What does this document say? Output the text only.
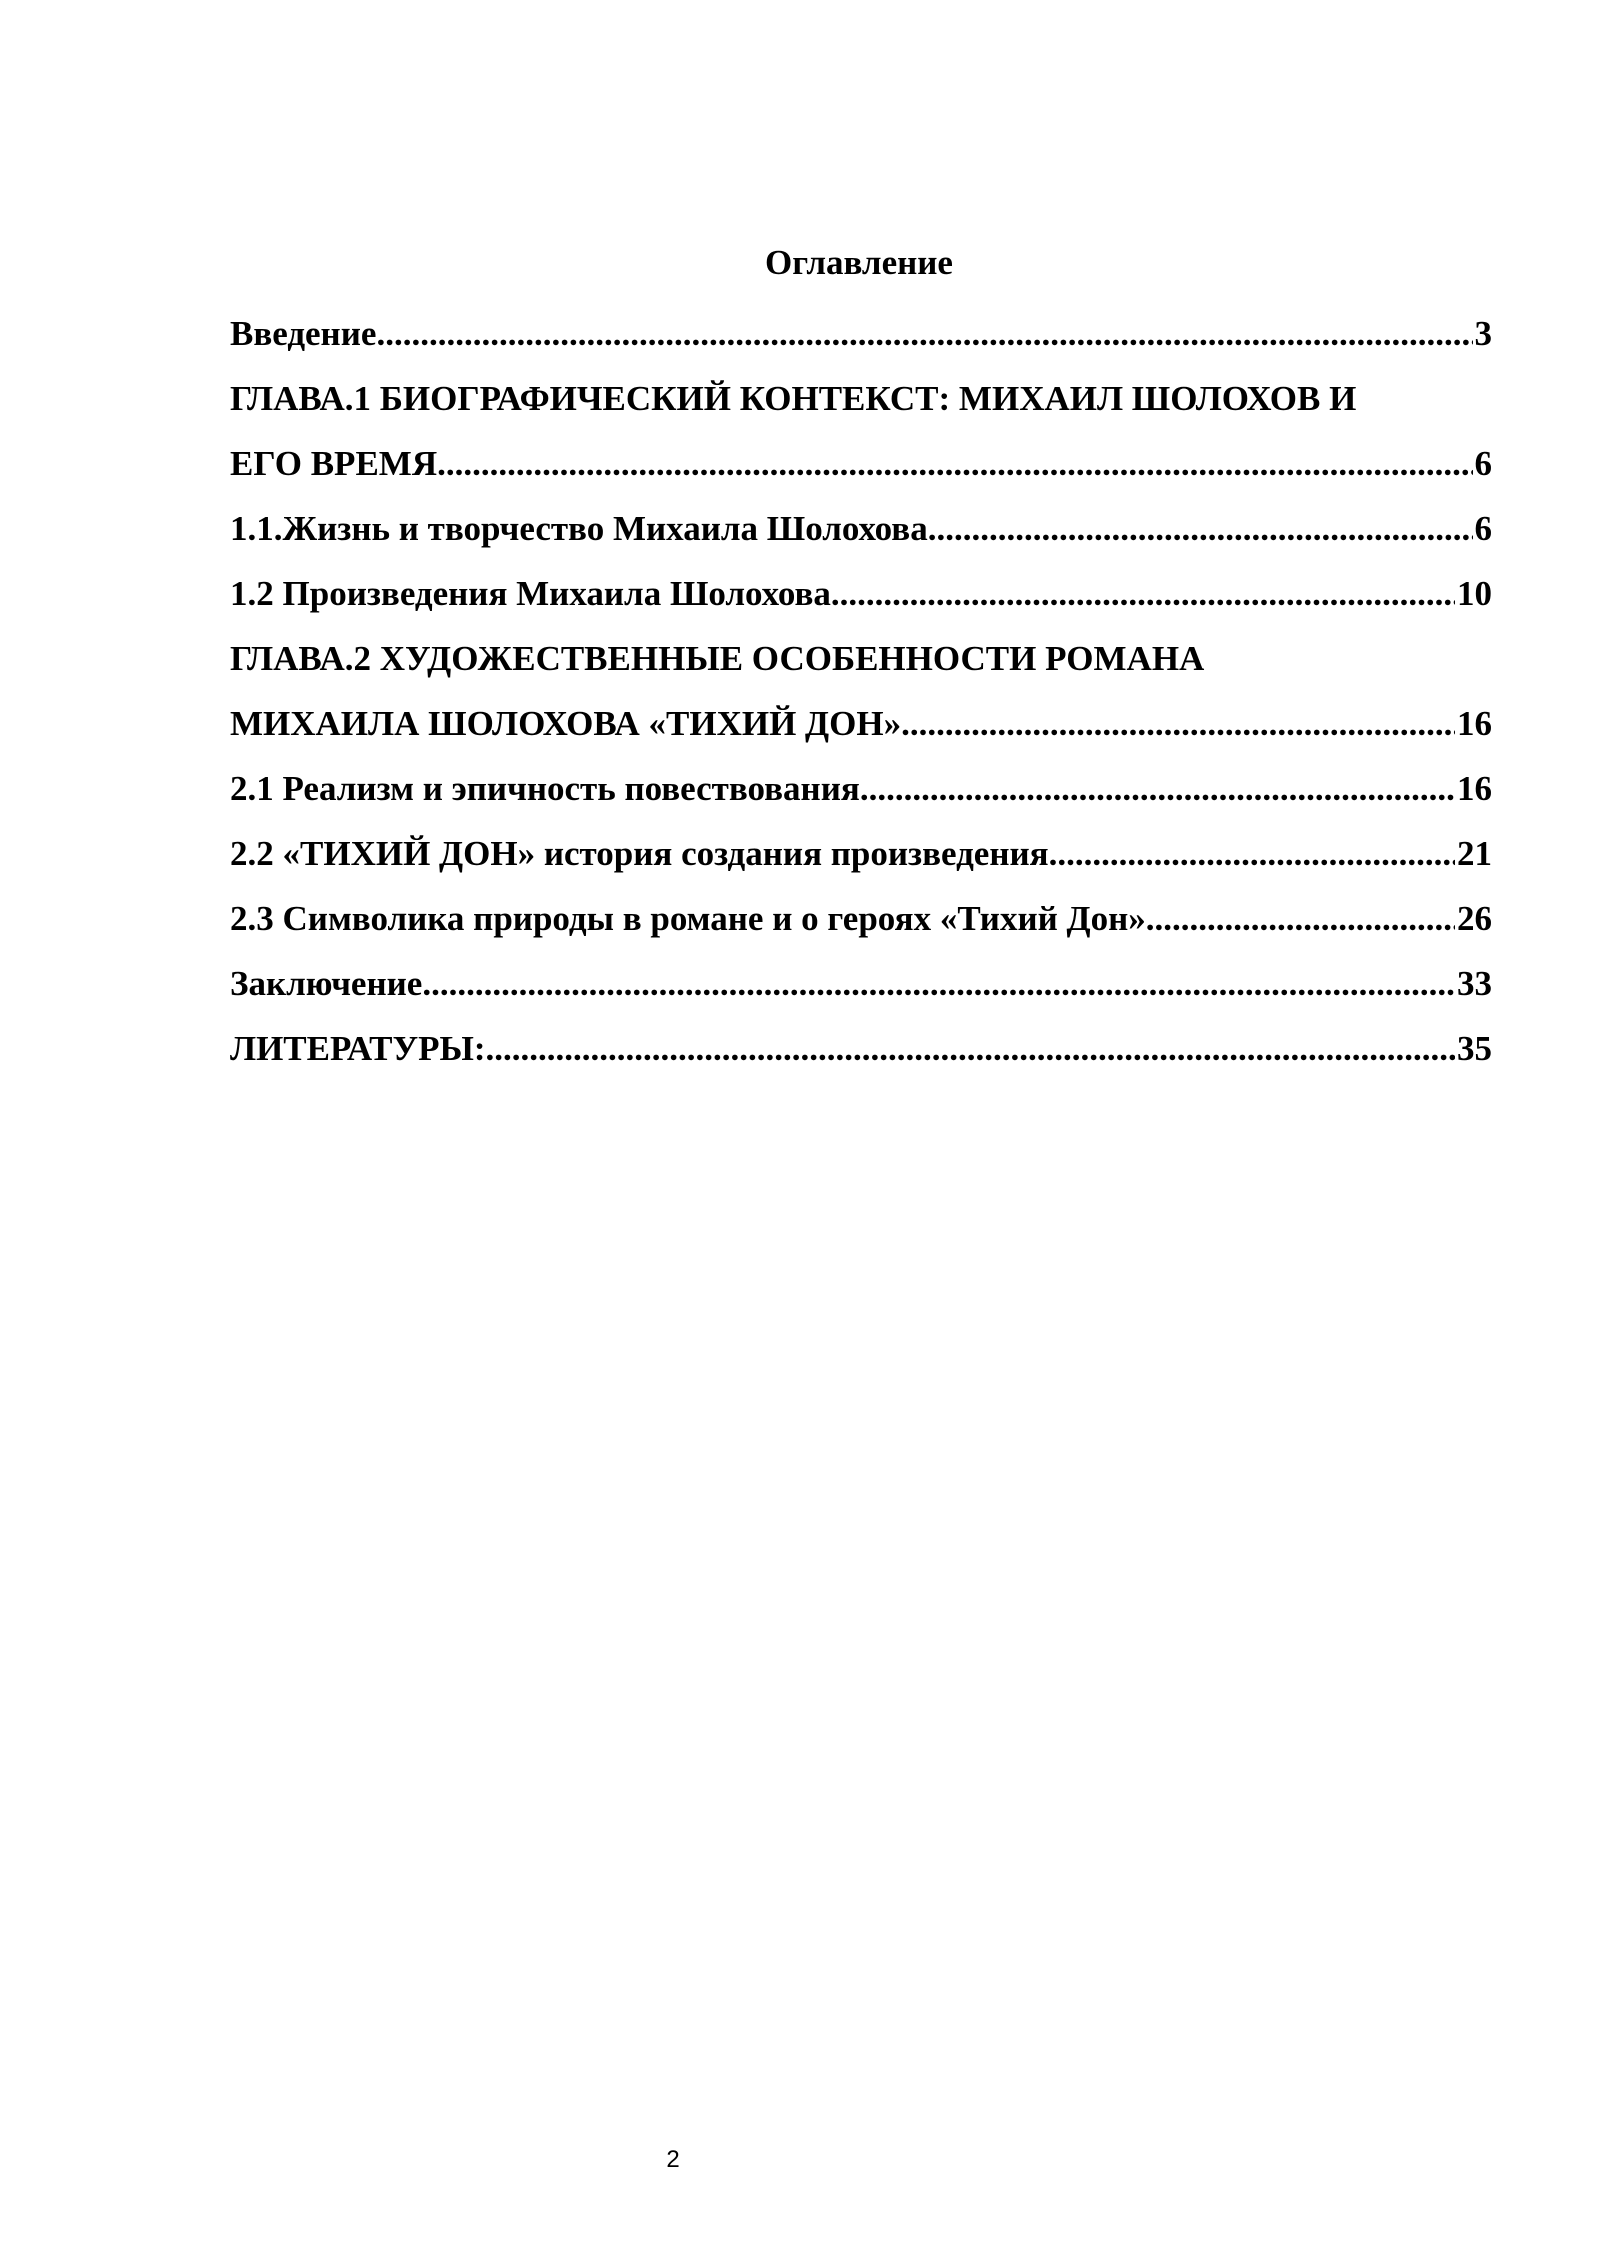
Оглавление
Введение .....	3
ГЛАВА.1 БИОГРАФИЧЕСКИЙ КОНТЕКСТ: МИХАИЛ ШОЛОХОВ И
ЕГО ВРЕМЯ .....	6
1.1.Жизнь и творчество Михаила Шолохова .....	6
1.2 Произведения Михаила Шолохова .....	10
ГЛАВА.2 ХУДОЖЕСТВЕННЫЕ ОСОБЕННОСТИ РОМАНА
МИХАИЛА ШОЛОХОВА «ТИХИЙ ДОН» .....	16
2.1 Реализм и эпичность повествования .....	16
2.2 «ТИХИЙ ДОН» история создания произведения .....	21
2.3 Символика природы в романе и о героях «Тихий Дон» .....	26
Заключение .....	33
ЛИТЕРАТУРЫ: .....	35
2
